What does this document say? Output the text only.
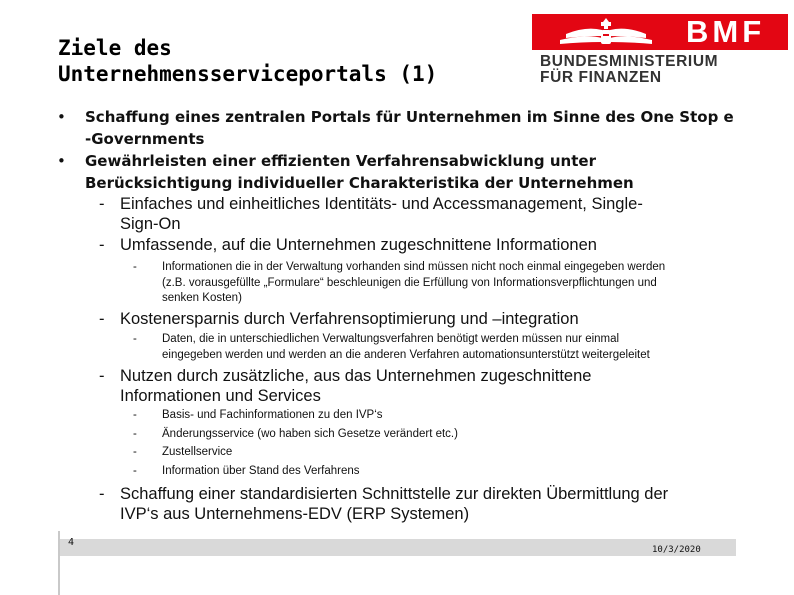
Ziele des
Unternehmensserviceportals (1)
BMF
BUNDESMINISTERIUM
FÜR FINANZEN
• Schaffung eines zentralen Portals für Unternehmen im Sinne des One Stop e
-Governments
• Gewährleisten einer effizienten Verfahrensabwicklung unter
Berücksichtigung individueller Charakteristika der Unternehmen
- Einfaches und einheitliches Identitäts- und Accessmanagement, Single-
Sign-On
- Umfassende, auf die Unternehmen zugeschnittene Informationen
- Informationen die in der Verwaltung vorhanden sind müssen nicht noch einmal eingegeben werden
(z.B. vorausgefüllte „Formulare“ beschleunigen die Erfüllung von Informationsverpflichtungen und
senken Kosten)
- Kostenersparnis durch Verfahrensoptimierung und –integration
- Daten, die in unterschiedlichen Verwaltungsverfahren benötigt werden müssen nur einmal
eingegeben werden und werden an die anderen Verfahren automationsunterstützt weitergeleitet
- Nutzen durch zusätzliche, aus das Unternehmen zugeschnittene
Informationen und Services
- Basis- und Fachinformationen zu den IVP‘s
- Änderungsservice (wo haben sich Gesetze verändert etc.)
- Zustellservice
- Information über Stand des Verfahrens
- Schaffung einer standardisierten Schnittstelle zur direkten Übermittlung der
IVP‘s aus Unternehmens-EDV (ERP Systemen)
4
10/3/2020
